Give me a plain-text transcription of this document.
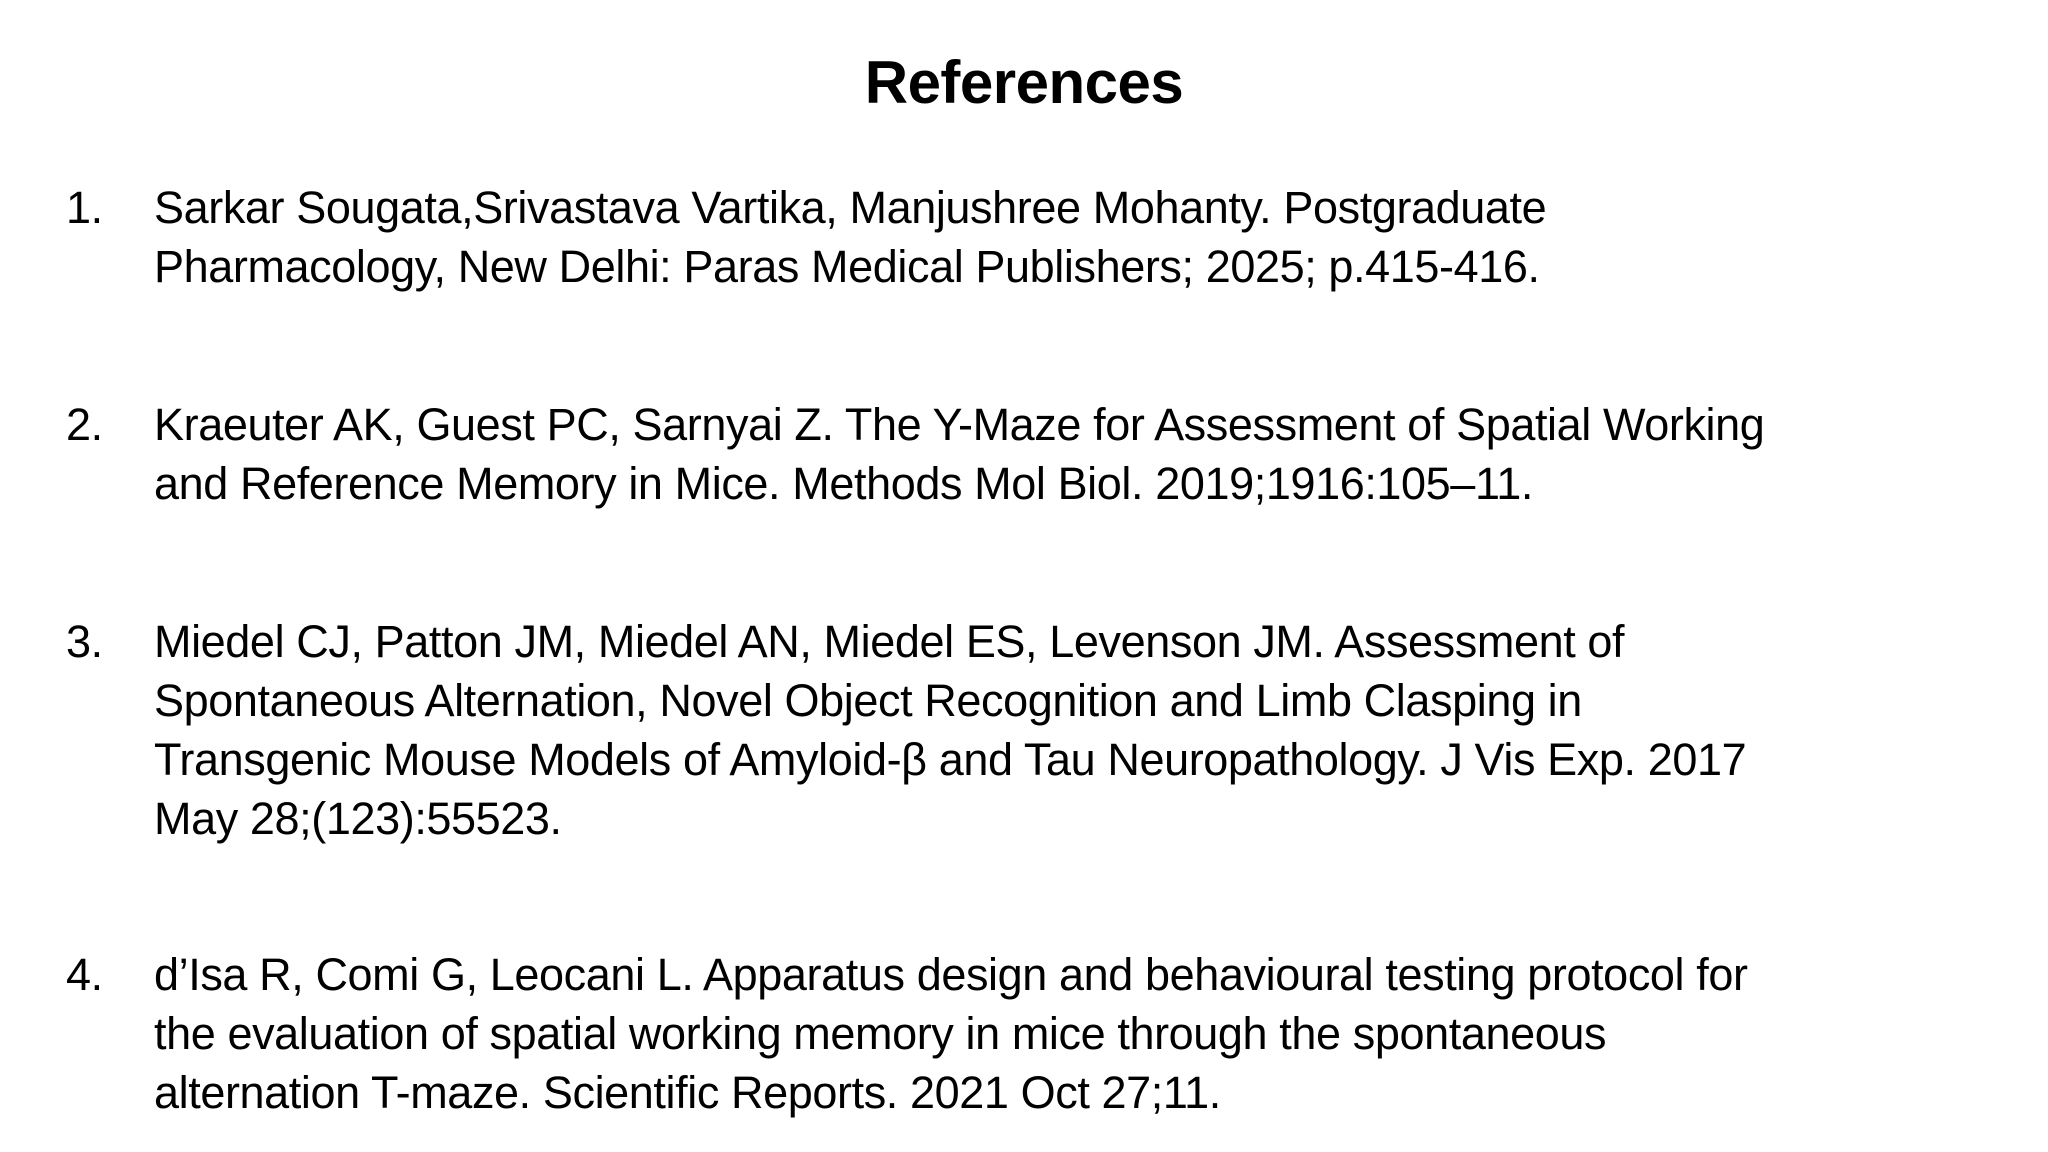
References
1.	Sarkar Sougata,Srivastava Vartika, Manjushree Mohanty. Postgraduate
Pharmacology, New Delhi: Paras Medical Publishers; 2025; p.415-416.
2.	Kraeuter AK, Guest PC, Sarnyai Z. The Y-Maze for Assessment of Spatial Working
and Reference Memory in Mice. Methods Mol Biol. 2019;1916:105–11.
3.	Miedel CJ, Patton JM, Miedel AN, Miedel ES, Levenson JM. Assessment of
Spontaneous Alternation, Novel Object Recognition and Limb Clasping in
Transgenic Mouse Models of Amyloid-β and Tau Neuropathology. J Vis Exp. 2017
May 28;(123):55523.
4.	d’Isa R, Comi G, Leocani L. Apparatus design and behavioural testing protocol for
the evaluation of spatial working memory in mice through the spontaneous
alternation T-maze. Scientific Reports. 2021 Oct 27;11.
